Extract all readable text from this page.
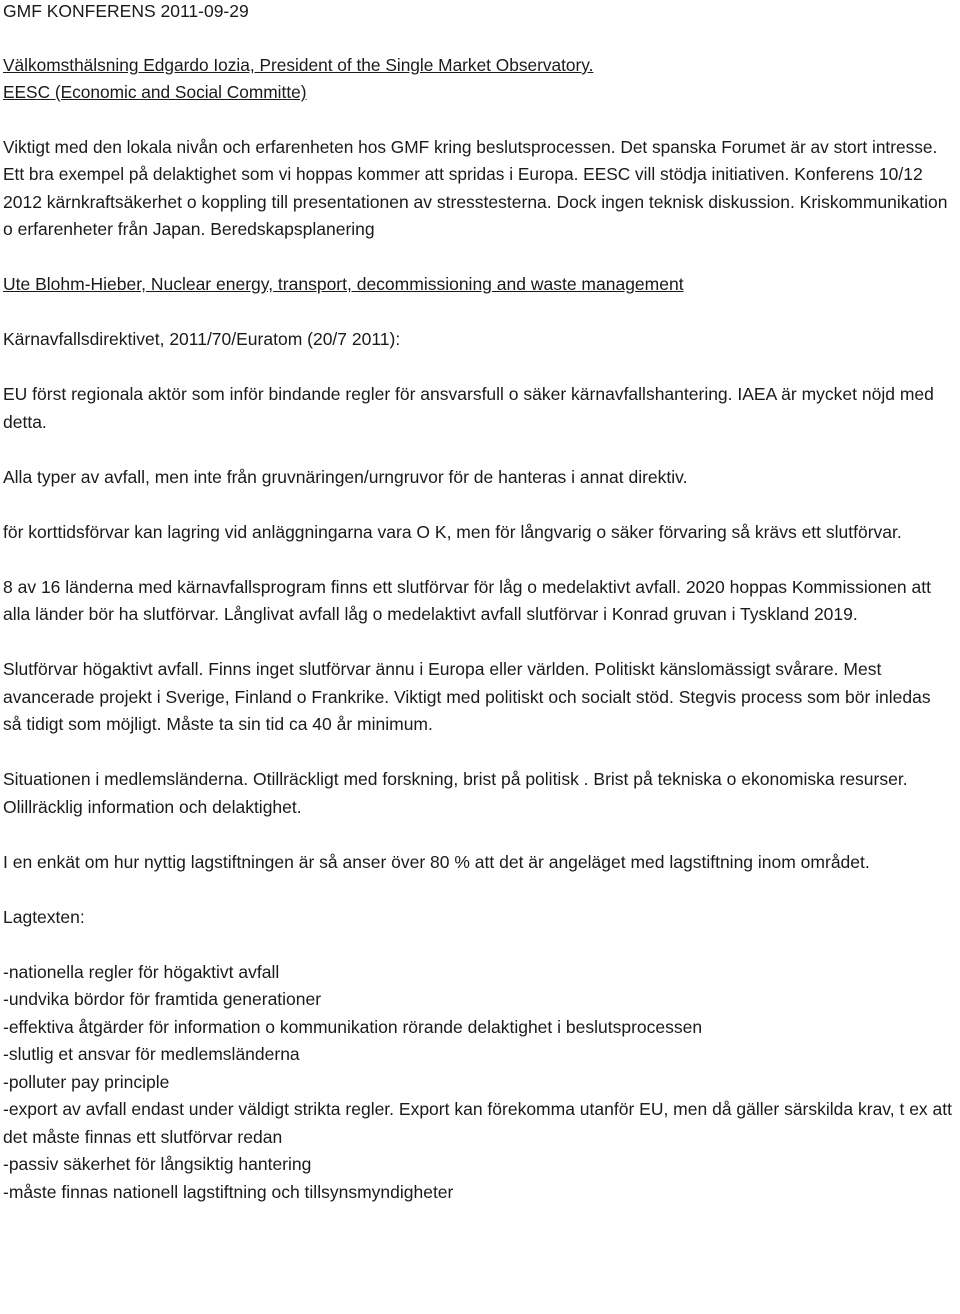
GMF KONFERENS 2011-09-29

Välkomsthälsning Edgardo Iozia, President of the Single Market Observatory.

EESC (Economic and Social Committe)

Viktigt med den lokala nivån och erfarenheten hos GMF kring beslutsprocessen. Det spanska Forumet är av stort intresse. Ett bra exempel på delaktighet som vi hoppas kommer att spridas i Europa. EESC vill stödja initiativen. Konferens 10/12 2012 kärnkraftsäkerhet o koppling till presentationen av stresstesterna. Dock ingen teknisk diskussion. Kriskommunikation o erfarenheter från Japan. Beredskapsplanering

Ute Blohm-Hieber, Nuclear energy, transport, decommissioning and waste management

Kärnavfallsdirektivet, 2011/70/Euratom (20/7 2011):

EU först regionala aktör som inför bindande regler för ansvarsfull o säker kärnavfallshantering. IAEA är mycket nöjd med detta.

Alla typer av avfall, men inte från gruvnäringen/urngruvor för de hanteras i annat direktiv.

för korttidsförvar kan lagring vid anläggningarna vara O K, men för långvarig o säker förvaring så krävs ett slutförvar.

8 av 16 länderna med kärnavfallsprogram finns ett slutförvar för låg o medelaktivt avfall. 2020 hoppas Kommissionen att alla länder bör ha slutförvar. Långlivat avfall låg o medelaktivt avfall slutförvar i Konrad gruvan i Tyskland 2019.

Slutförvar högaktivt avfall. Finns inget slutförvar ännu i Europa eller världen. Politiskt känslomässigt svårare. Mest avancerade projekt i Sverige, Finland o Frankrike. Viktigt med politiskt och socialt stöd. Stegvis process som bör inledas så tidigt som möjligt. Måste ta sin tid ca 40 år minimum.

Situationen i medlemsländerna. Otillräckligt med forskning, brist på politisk . Brist på tekniska o ekonomiska resurser. Olillräcklig information och delaktighet.

I en enkät om hur nyttig lagstiftningen är så anser över 80 % att det är angeläget med lagstiftning inom området.

Lagtexten:

-nationella regler för högaktivt avfall
-undvika bördor för framtida generationer
-effektiva åtgärder för information o kommunikation rörande delaktighet i beslutsprocessen
-slutlig et ansvar för medlemsländerna
-polluter pay principle
-export av avfall endast under väldigt strikta regler. Export kan förekomma utanför EU, men då gäller särskilda krav, t ex att det måste finnas ett slutförvar redan
-passiv säkerhet för långsiktig hantering
-måste finnas nationell lagstiftning och tillsynsmyndigheter
